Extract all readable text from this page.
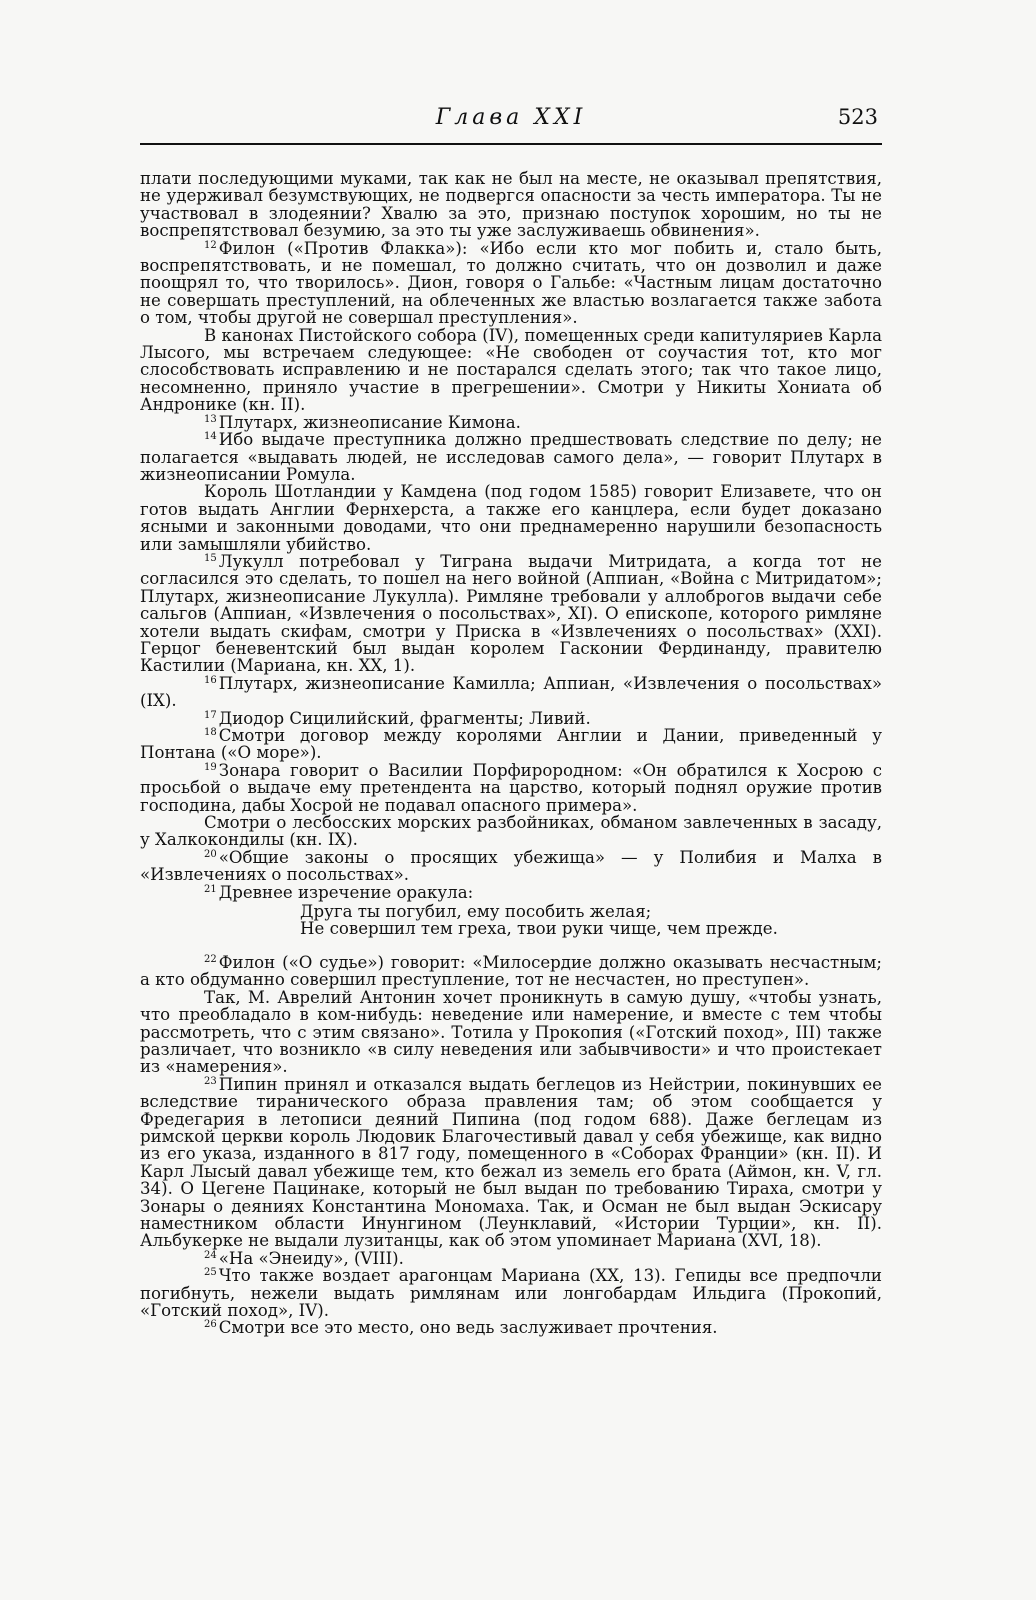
Глава XXI	523

плати последующими муками, так как не был на месте, не оказывал препятствия, не удерживал безумствующих, не подвергся опасности за честь императора. Ты не участвовал в злодеянии? Хвалю за это, признаю поступок хорошим, но ты не воспрепятствовал безумию, за это ты уже заслуживаешь обвинения».

$^{12}$ Филон («Против Флакка»): «Ибо если кто мог побить и, стало быть, воспрепятствовать, и не помешал, то должно считать, что он дозволил и даже поощрял то, что творилось». Дион, говоря о Гальбе: «Частным лицам достаточно не совершать преступлений, на облеченных же властью возлагается также забота о том, чтобы другой не совершал преступления».

В канонах Пистойского собора (IV), помещенных среди капитуляриев Карла Лысого, мы встречаем следующее: «Не свободен от соучастия тот, кто мог слособствовать исправлению и не постарался сделать этого; так что такое лицо, несомненно, приняло участие в прегрешении». Смотри у Никиты Хониата об Андронике (кн. II).

$^{13}$ Плутарх, жизнеописание Кимона.

$^{14}$ Ибо выдаче преступника должно предшествовать следствие по делу; не полагается «выдавать людей, не исследовав самого дела», — говорит Плутарх в жизнеописании Ромула.

Король Шотландии у Камдена (под годом 1585) говорит Елизавете, что он готов выдать Англии Фернхерста, а также его канцлера, если будет доказано ясными и законными доводами, что они преднамеренно нарушили безопасность или замышляли убийство.

$^{15}$ Лукулл потребовал у Тиграна выдачи Митридата, а когда тот не согласился это сделать, то пошел на него войной (Аппиан, «Война с Митридатом»; Плутарх, жизнеописание Лукулла). Римляне требовали у аллоброгов выдачи себе сальгов (Аппиан, «Извлечения о посольствах», XI). О епископе, которого римляне хотели выдать скифам, смотри у Приска в «Извлечениях о посольствах» (XXI). Герцог беневентский был выдан королем Гасконии Фердинанду, правителю Кастилии (Мариана, кн. XX, 1).

$^{16}$ Плутарх, жизнеописание Камилла; Аппиан, «Извлечения о посольствах» (IX).

$^{17}$ Диодор Сицилийский, фрагменты; Ливий.

$^{18}$ Смотри договор между королями Англии и Дании, приведенный у Понтана («О море»).

$^{19}$ Зонара говорит о Василии Порфирородном: «Он обратился к Хосрою с просьбой о выдаче ему претендента на царство, который поднял оружие против господина, дабы Хосрой не подавал опасного примера».

Смотри о лесбосских морских разбойниках, обманом завлеченных в засаду, у Халкокондилы (кн. IX).

$^{20}$ «Общие законы о просящих убежища» — у Полибия и Малха в «Извлечениях о посольствах».

$^{21}$ Древнее изречение оракула:

Друга ты погубил, ему пособить желая;
Не совершил тем греха, твои руки чище, чем прежде.

$^{22}$ Филон («О судье») говорит: «Милосердие должно оказывать несчастным; а кто обдуманно совершил преступление, тот не несчастен, но преступен».

Так, М. Аврелий Антонин хочет проникнуть в самую душу, «чтобы узнать, что преобладало в ком-нибудь: неведение или намерение, и вместе с тем чтобы рассмотреть, что с этим связано». Тотила у Прокопия («Готский поход», III) также различает, что возникло «в силу неведения или забывчивости» и что проистекает из «намерения».

$^{23}$ Пипин принял и отказался выдать беглецов из Нейстрии, покинувших ее вследствие тиранического образа правления там; об этом сообщается у Фредегария в летописи деяний Пипина (под годом 688). Даже беглецам из римской церкви король Людовик Благочестивый давал у себя убежище, как видно из его указа, изданного в 817 году, помещенного в «Соборах Франции» (кн. II). И Карл Лысый давал убежище тем, кто бежал из земель его брата (Аймон, кн. V, гл. 34). О Цегене Пацинаке, который не был выдан по требованию Тираха, смотри у Зонары о деяниях Константина Мономаха. Так, и Осман не был выдан Эскисару наместником области Инунгином (Леунклавий, «Истории Турции», кн. II). Альбукерке не выдали лузитанцы, как об этом упоминает Мариана (XVI, 18).

$^{24}$ «На «Энеиду», (VIII).

$^{25}$ Что также воздает арагонцам Мариана (XX, 13). Гепиды все предпочли погибнуть, нежели выдать римлянам или лонгобардам Ильдига (Прокопий, «Готский поход», IV).

$^{26}$ Смотри все это место, оно ведь заслуживает прочтения.
